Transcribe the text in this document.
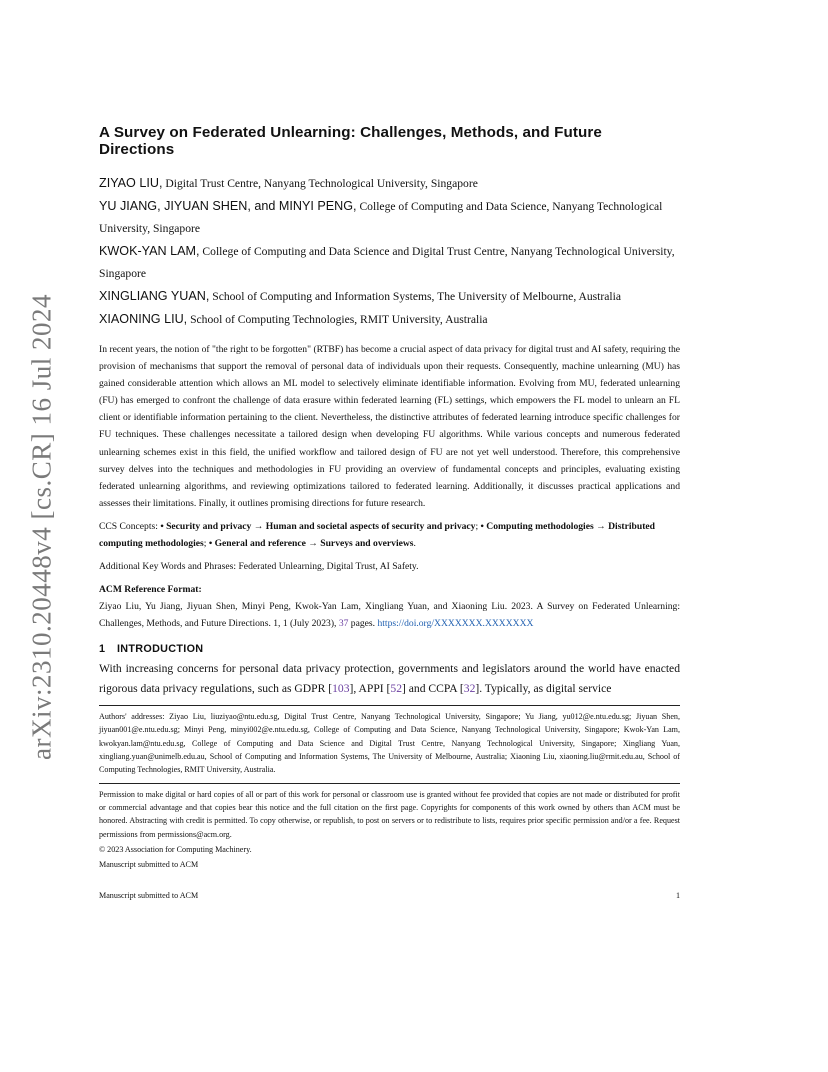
arXiv:2310.20448v4 [cs.CR] 16 Jul 2024
A Survey on Federated Unlearning: Challenges, Methods, and Future Directions

ZIYAO LIU, Digital Trust Centre, Nanyang Technological University, Singapore

YU JIANG, JIYUAN SHEN, and MINYI PENG, College of Computing and Data Science, Nanyang Technological University, Singapore

KWOK-YAN LAM, College of Computing and Data Science and Digital Trust Centre, Nanyang Technological University, Singapore

XINGLIANG YUAN, School of Computing and Information Systems, The University of Melbourne, Australia

XIAONING LIU, School of Computing Technologies, RMIT University, Australia

In recent years, the notion of "the right to be forgotten" (RTBF) has become a crucial aspect of data privacy for digital trust and AI safety, requiring the provision of mechanisms that support the removal of personal data of individuals upon their requests. Consequently, machine unlearning (MU) has gained considerable attention which allows an ML model to selectively eliminate identifiable information. Evolving from MU, federated unlearning (FU) has emerged to confront the challenge of data erasure within federated learning (FL) settings, which empowers the FL model to unlearn an FL client or identifiable information pertaining to the client. Nevertheless, the distinctive attributes of federated learning introduce specific challenges for FU techniques. These challenges necessitate a tailored design when developing FU algorithms. While various concepts and numerous federated unlearning schemes exist in this field, the unified workflow and tailored design of FU are not yet well understood. Therefore, this comprehensive survey delves into the techniques and methodologies in FU providing an overview of fundamental concepts and principles, evaluating existing federated unlearning algorithms, and reviewing optimizations tailored to federated learning. Additionally, it discusses practical applications and assesses their limitations. Finally, it outlines promising directions for future research.

CCS Concepts: • Security and privacy → Human and societal aspects of security and privacy; • Computing methodologies → Distributed computing methodologies; • General and reference → Surveys and overviews.

Additional Key Words and Phrases: Federated Unlearning, Digital Trust, AI Safety.

ACM Reference Format:

Ziyao Liu, Yu Jiang, Jiyuan Shen, Minyi Peng, Kwok-Yan Lam, Xingliang Yuan, and Xiaoning Liu. 2023. A Survey on Federated Unlearning: Challenges, Methods, and Future Directions. 1, 1 (July 2023), 37 pages. https://doi.org/XXXXXXX.XXXXXXX

1 INTRODUCTION

With increasing concerns for personal data privacy protection, governments and legislators around the world have enacted rigorous data privacy regulations, such as GDPR [103], APPI [52] and CCPA [32]. Typically, as digital service

Authors' addresses: Ziyao Liu, liuziyao@ntu.edu.sg, Digital Trust Centre, Nanyang Technological University, Singapore; Yu Jiang, yu012@e.ntu.edu.sg; Jiyuan Shen, jiyuan001@e.ntu.edu.sg; Minyi Peng, minyi002@e.ntu.edu.sg, College of Computing and Data Science, Nanyang Technological University, Singapore; Kwok-Yan Lam, kwokyan.lam@ntu.edu.sg, College of Computing and Data Science and Digital Trust Centre, Nanyang Technological University, Singapore; Xingliang Yuan, xingliang.yuan@unimelb.edu.au, School of Computing and Information Systems, The University of Melbourne, Australia; Xiaoning Liu, xiaoning.liu@rmit.edu.au, School of Computing Technologies, RMIT University, Australia.

Permission to make digital or hard copies of all or part of this work for personal or classroom use is granted without fee provided that copies are not made or distributed for profit or commercial advantage and that copies bear this notice and the full citation on the first page. Copyrights for components of this work owned by others than ACM must be honored. Abstracting with credit is permitted. To copy otherwise, or republish, to post on servers or to redistribute to lists, requires prior specific permission and/or a fee. Request permissions from permissions@acm.org.

© 2023 Association for Computing Machinery.

Manuscript submitted to ACM

Manuscript submitted to ACM	1
